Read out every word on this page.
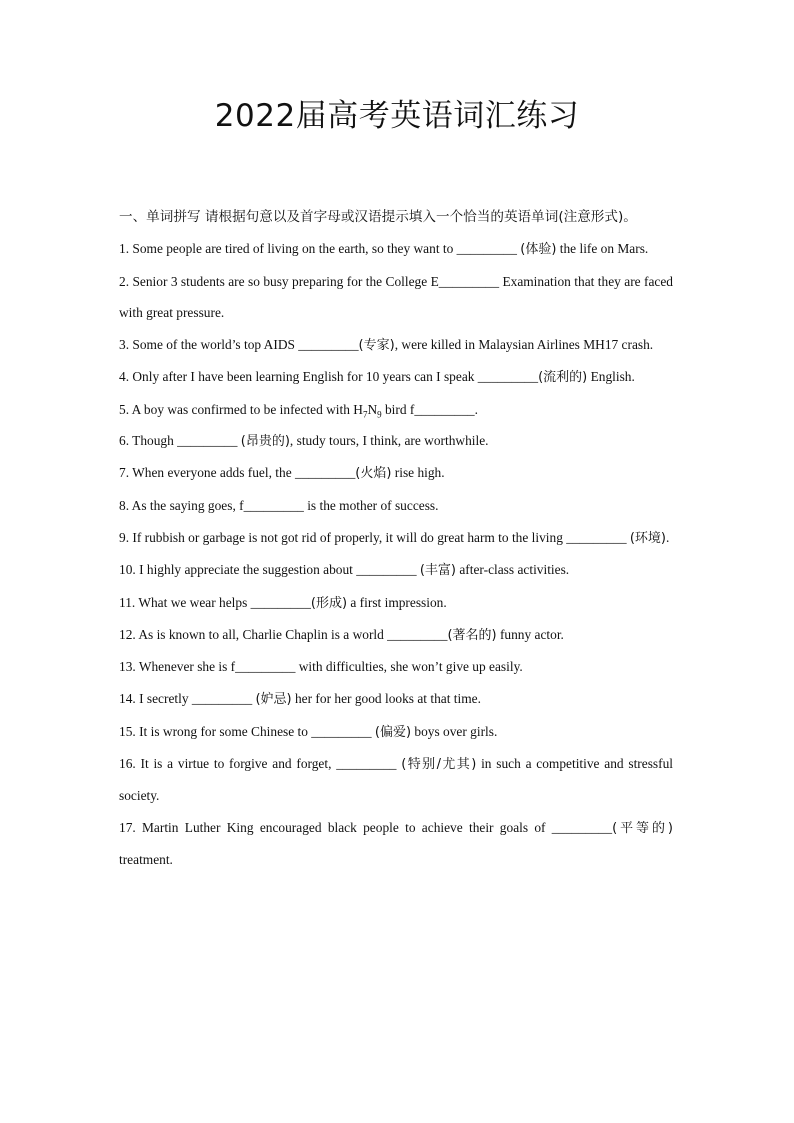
2022届高考英语词汇练习
一、单词拼写 请根据句意以及首字母或汉语提示填入一个恰当的英语单词(注意形式)。

1. Some people are tired of living on the earth, so they want to _________ (体验) the life on Mars.

2. Senior 3 students are so busy preparing for the College E_________ Examination that they are faced with great pressure.

3. Some of the world’s top AIDS _________(专家), were killed in Malaysian Airlines MH17 crash.

4. Only after I have been learning English for 10 years can I speak _________(流利的) English.

5. A boy was confirmed to be infected with $H_7N_9$ bird f_________.

6. Though _________ (昂贵的), study tours, I think, are worthwhile.

7. When everyone adds fuel, the _________(火焰) rise high.

8. As the saying goes, f_________ is the mother of success.

9. If rubbish or garbage is not got rid of properly, it will do great harm to the living _________ (环境).

10. I highly appreciate the suggestion about _________ (丰富) after-class activities.

11. What we wear helps _________(形成) a first impression.

12. As is known to all, Charlie Chaplin is a world _________(著名的) funny actor.

13. Whenever she is f_________ with difficulties, she won’t give up easily.

14. I secretly _________ (妒忌) her for her good looks at that time.

15. It is wrong for some Chinese to _________ (偏爱) boys over girls.

16. It is a virtue to forgive and forget, _________ (特别/尤其) in such a competitive and stressful society.

17. Martin Luther King encouraged black people to achieve their goals of _________(平等的) treatment.
